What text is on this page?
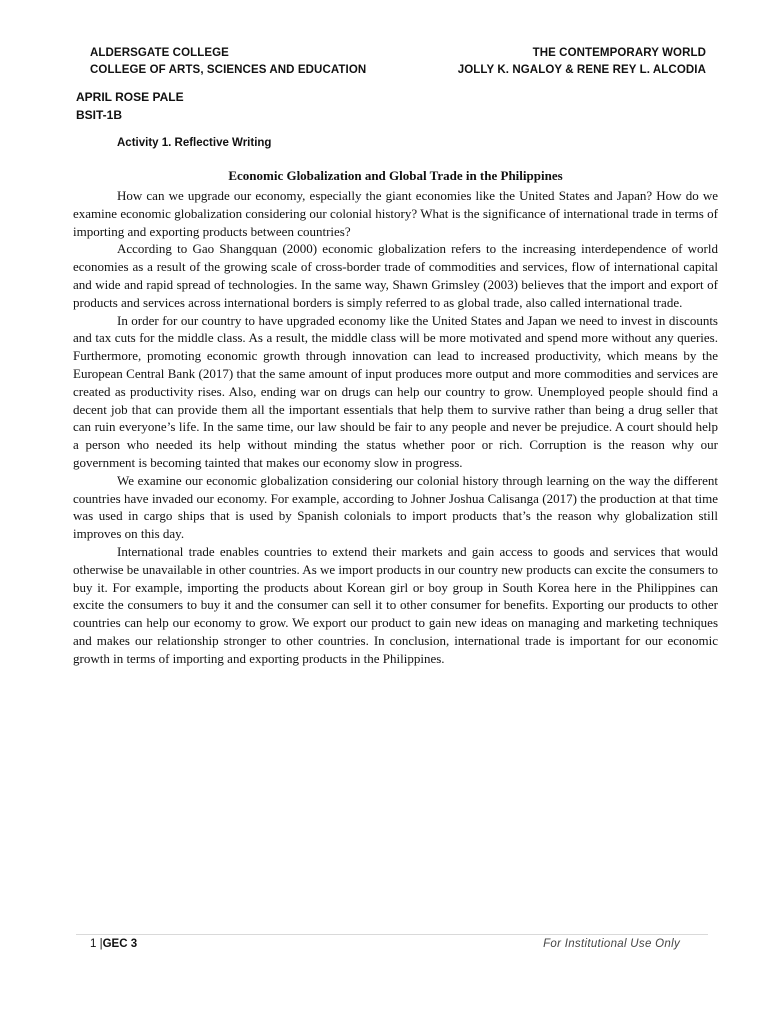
ALDERSGATE COLLEGE
COLLEGE OF ARTS, SCIENCES AND EDUCATION
THE CONTEMPORARY WORLD
JOLLY K. NGALOY & RENE REY L. ALCODIA
APRIL ROSE PALE
BSIT-1B
Activity 1. Reflective Writing
Economic Globalization and Global Trade in the Philippines

How can we upgrade our economy, especially the giant economies like the United States and Japan? How do we examine economic globalization considering our colonial history? What is the significance of international trade in terms of importing and exporting products between countries?

According to Gao Shangquan (2000) economic globalization refers to the increasing interdependence of world economies as a result of the growing scale of cross-border trade of commodities and services, flow of international capital and wide and rapid spread of technologies. In the same way, Shawn Grimsley (2003) believes that the import and export of products and services across international borders is simply referred to as global trade, also called international trade.

In order for our country to have upgraded economy like the United States and Japan we need to invest in discounts and tax cuts for the middle class. As a result, the middle class will be more motivated and spend more without any queries. Furthermore, promoting economic growth through innovation can lead to increased productivity, which means by the European Central Bank (2017) that the same amount of input produces more output and more commodities and services are created as productivity rises. Also, ending war on drugs can help our country to grow. Unemployed people should find a decent job that can provide them all the important essentials that help them to survive rather than being a drug seller that can ruin everyone’s life. In the same time, our law should be fair to any people and never be prejudice. A court should help a person who needed its help without minding the status whether poor or rich. Corruption is the reason why our government is becoming tainted that makes our economy slow in progress.

We examine our economic globalization considering our colonial history through learning on the way the different countries have invaded our economy. For example, according to Johner Joshua Calisanga (2017) the production at that time was used in cargo ships that is used by Spanish colonials to import products that’s the reason why globalization still improves on this day.

International trade enables countries to extend their markets and gain access to goods and services that would otherwise be unavailable in other countries. As we import products in our country new products can excite the consumers to buy it. For example, importing the products about Korean girl or boy group in South Korea here in the Philippines can excite the consumers to buy it and the consumer can sell it to other consumer for benefits. Exporting our products to other countries can help our economy to grow. We export our product to gain new ideas on managing and marketing techniques and makes our relationship stronger to other countries. In conclusion, international trade is important for our economic growth in terms of importing and exporting products in the Philippines.

1 |GEC 3	For Institutional Use Only
